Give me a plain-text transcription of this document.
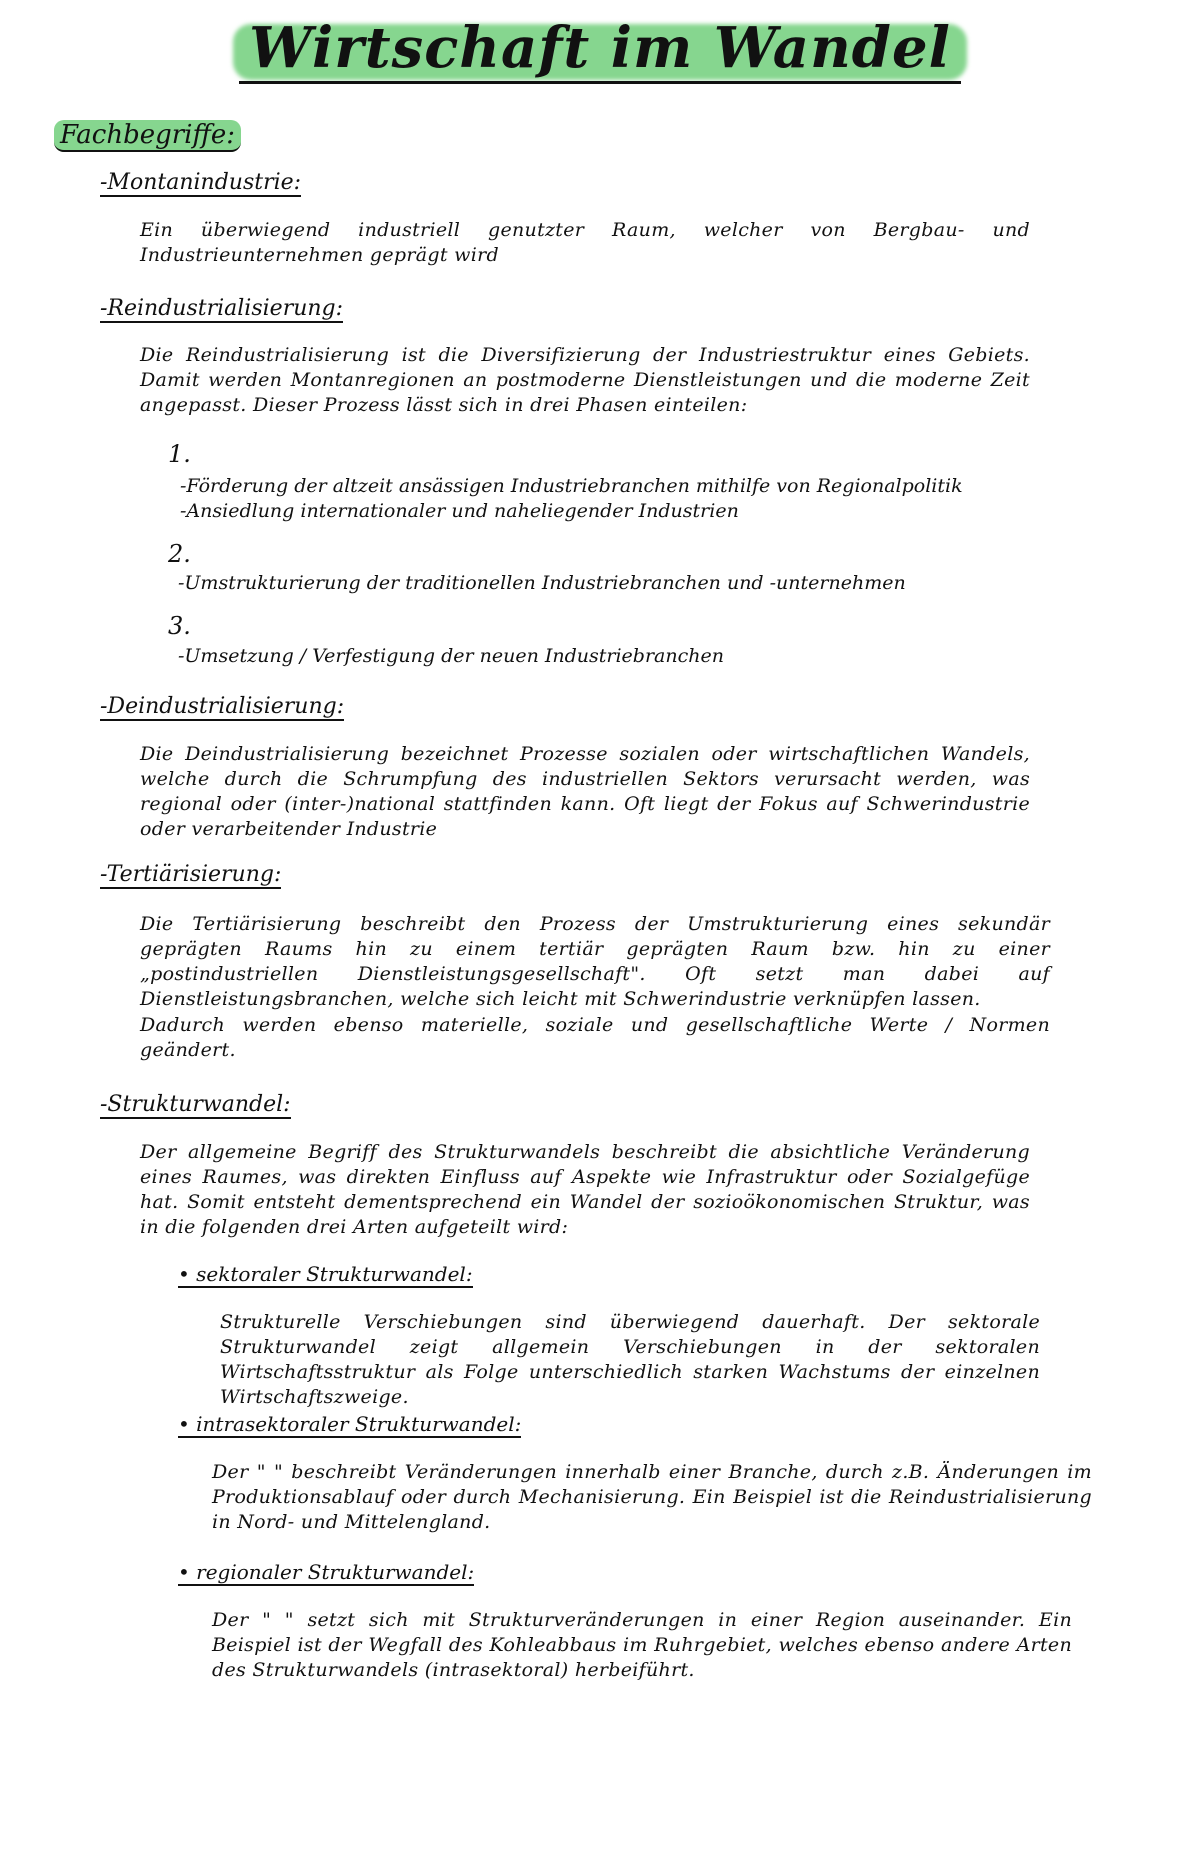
Wirtschaft im Wandel
Fachbegriffe:
-Montanindustrie:
Ein überwiegend industriell genutzter Raum, welcher von Bergbau- und Industrieunternehmen geprägt wird
-Reindustrialisierung:
Die Reindustrialisierung ist die Diversifizierung der Industriestruktur eines Gebiets. Damit werden Montanregionen an postmoderne Dienstleistungen und die moderne Zeit angepasst. Dieser Prozess lässt sich in drei Phasen einteilen:
1.
-Förderung der altzeit ansässigen Industriebranchen mithilfe von Regionalpolitik
-Ansiedlung internationaler und naheliegender Industrien
2.
-Umstrukturierung der traditionellen Industriebranchen und -unternehmen
3.
-Umsetzung / Verfestigung der neuen Industriebranchen
-Deindustrialisierung:
Die Deindustrialisierung bezeichnet Prozesse sozialen oder wirtschaftlichen Wandels, welche durch die Schrumpfung des industriellen Sektors verursacht werden, was regional oder (inter-)national stattfinden kann. Oft liegt der Fokus auf Schwerindustrie oder verarbeitender Industrie
-Tertiärisierung:
Die Tertiärisierung beschreibt den Prozess der Umstrukturierung eines sekundär geprägten Raums hin zu einem tertiär geprägten Raum bzw. hin zu einer „postindustriellen Dienstleistungsgesellschaft". Oft setzt man dabei auf Dienstleistungsbranchen, welche sich leicht mit Schwerindustrie verknüpfen lassen.
Dadurch werden ebenso materielle, soziale und gesellschaftliche Werte / Normen geändert.
-Strukturwandel:
Der allgemeine Begriff des Strukturwandels beschreibt die absichtliche Veränderung eines Raumes, was direkten Einfluss auf Aspekte wie Infrastruktur oder Sozialgefüge hat. Somit entsteht dementsprechend ein Wandel der sozioökonomischen Struktur, was in die folgenden drei Arten aufgeteilt wird:
• sektoraler Strukturwandel:
Strukturelle Verschiebungen sind überwiegend dauerhaft. Der sektorale Strukturwandel zeigt allgemein Verschiebungen in der sektoralen Wirtschaftsstruktur als Folge unterschiedlich starken Wachstums der einzelnen Wirtschaftszweige.
• intrasektoraler Strukturwandel:
Der " " beschreibt Veränderungen innerhalb einer Branche, durch z.B. Änderungen im Produktionsablauf oder durch Mechanisierung. Ein Beispiel ist die Reindustrialisierung in Nord- und Mittelengland.
• regionaler Strukturwandel:
Der " " setzt sich mit Strukturveränderungen in einer Region auseinander. Ein Beispiel ist der Wegfall des Kohleabbaus im Ruhrgebiet, welches ebenso andere Arten des Strukturwandels (intrasektoral) herbeiführt.
